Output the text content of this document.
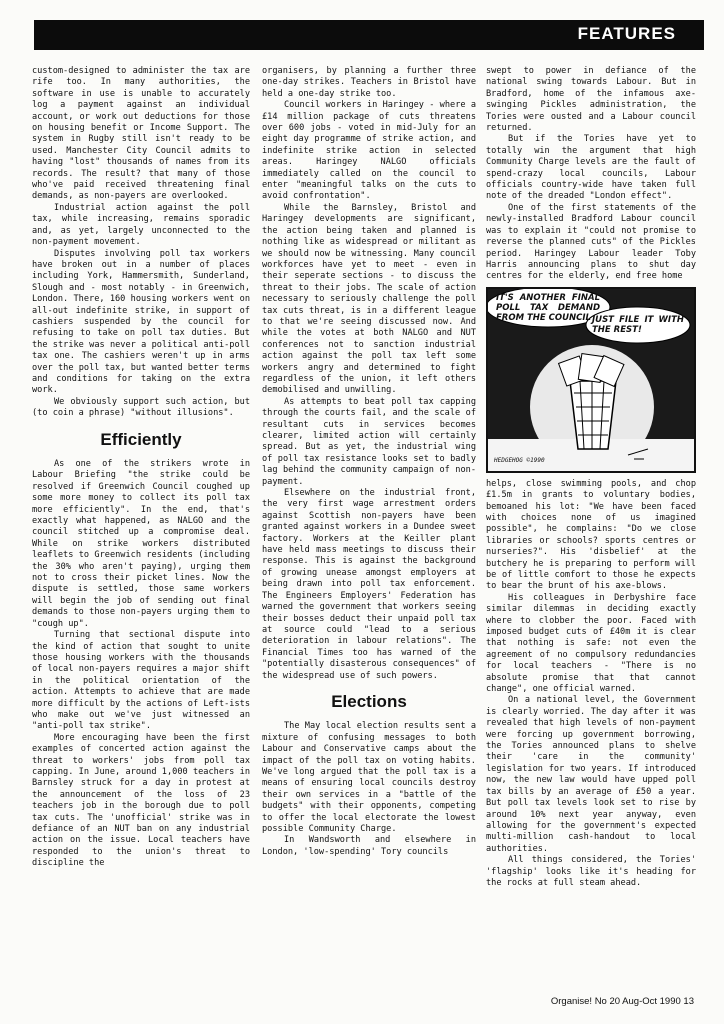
FEATURES

custom-designed to administer the tax are rife too. In many authorities, the software in use is unable to accurately log a payment against an individual account, or work out deductions for those on housing benefit or Income Support. The system in Rugby still isn't ready to be used. Manchester City Council admits to having "lost" thousands of names from its records. The result? that many of those who've paid received threatening final demands, as non-payers are overlooked.

Industrial action against the poll tax, while increasing, remains sporadic and, as yet, largely unconnected to the non-payment movement.

Disputes involving poll tax workers have broken out in a number of places including York, Hammersmith, Sunderland, Slough and - most notably - in Greenwich, London. There, 160 housing workers went on all-out indefinite strike, in support of cashiers suspended by the council for refusing to take on poll tax duties. But the strike was never a political anti-poll tax one. The cashiers weren't up in arms over the poll tax, but wanted better terms and conditions for taking on the extra work.

We obviously support such action, but (to coin a phrase) "without illusions".

Efficiently

As one of the strikers wrote in Labour Briefing "the strike could be resolved if Greenwich Council coughed up some more money to collect its poll tax more efficiently". In the end, that's exactly what happened, as NALGO and the council stitched up a compromise deal. While on strike workers distributed leaflets to Greenwich residents (including the 30% who aren't paying), urging them not to cross their picket lines. Now the dispute is settled, those same workers will begin the job of sending out final demands to those non-payers urging them to "cough up".

Turning that sectional dispute into the kind of action that sought to unite those housing workers with the thousands of local non-payers requires a major shift in the political orientation of the action. Attempts to achieve that are made more difficult by the actions of Left-ists who make out we've just witnessed an "anti-poll tax strike".

More encouraging have been the first examples of concerted action against the threat to workers' jobs from poll tax capping. In June, around 1,000 teachers in Barnsley struck for a day in protest at the announcement of the loss of 23 teachers job in the borough due to poll tax cuts. The 'unofficial' strike was in defiance of an NUT ban on any industrial action on the issue. Local teachers have responded to the union's threat to discipline the

organisers, by planning a further three one-day strikes. Teachers in Bristol have held a one-day strike too.

Council workers in Haringey - where a £14 million package of cuts threatens over 600 jobs - voted in mid-July for an eight day programme of strike action, and indefinite strike action in selected areas. Haringey NALGO officials immediately called on the council to enter "meaningful talks on the cuts to avoid confrontation".

While the Barnsley, Bristol and Haringey developments are significant, the action being taken and planned is nothing like as widespread or militant as we should now be witnessing. Many council workforces have yet to meet - even in their seperate sections - to discuss the threat to their jobs. The scale of action necessary to seriously challenge the poll tax cuts threat, is in a different league to that we're seeing discussed now. And while the votes at both NALGO and NUT conferences not to sanction industrial action against the poll tax left some workers angry and determined to fight regardless of the union, it left others demobilised and unwilling.

As attempts to beat poll tax capping through the courts fail, and the scale of resultant cuts in services becomes clearer, limited action will certainly spread. But as yet, the industrial wing of poll tax resistance looks set to badly lag behind the community campaign of non-payment.

Elsewhere on the industrial front, the very first wage arrestment orders against Scottish non-payers have been granted against workers in a Dundee sweet factory. Workers at the Keiller plant have held mass meetings to discuss their response. This is against the background of growing unease amongst employers at being drawn into poll tax enforcement. The Engineers Employers' Federation has warned the government that workers seeing their bosses deduct their unpaid poll tax at source could "lead to a serious deterioration in labour relations". The Financial Times too has warned of the "potentially disasterous consequences" of the widespread use of such powers.

Elections

The May local election results sent a mixture of confusing messages to both Labour and Conservative camps about the impact of the poll tax on voting habits. We've long argued that the poll tax is a means of ensuring local councils destroy their own services in a "battle of the budgets" with their opponents, competing to offer the local electorate the lowest possible Community Charge.

In Wandsworth and elsewhere in London, 'low-spending' Tory councils

swept to power in defiance of the national swing towards Labour. But in Bradford, home of the infamous axe-swinging Pickles administration, the Tories were ousted and a Labour council returned.

But if the Tories have yet to totally win the argument that high Community Charge levels are the fault of spend-crazy local councils, Labour officials country-wide have taken full note of the dreaded "London effect".

One of the first statements of the newly-installed Bradford Labour council was to explain it "could not promise to reverse the planned cuts" of the Pickles period. Haringey Labour leader Toby Harris announcing plans to shut day centres for the elderly, end free home

IT'S ANOTHER FINAL POLL TAX DEMAND FROM THE COUNCIL JUST FILE IT WITH THE REST!
HEDGEHOG ©1990

helps, close swimming pools, and chop £1.5m in grants to voluntary bodies, bemoaned his lot: "We have been faced with choices none of us imagined possible", he complains: "Do we close libraries or schools? sports centres or nurseries?". His 'disbelief' at the butchery he is preparing to perform will be of little comfort to those he expects to bear the brunt of his axe-blows.

His colleagues in Derbyshire face similar dilemmas in deciding exactly where to clobber the poor. Faced with imposed budget cuts of £40m it is clear that nothing is safe: not even the agreement of no compulsory redundancies for local teachers - "There is no absolute promise that that cannot change", one official warned.

On a national level, the Government is clearly worried. The day after it was revealed that high levels of non-payment were forcing up government borrowing, the Tories announced plans to shelve their 'care in the community' legislation for two years. If introduced now, the new law would have upped poll tax bills by an average of £50 a year. But poll tax levels look set to rise by around 10% next year anyway, even allowing for the government's expected multi-million cash-handout to local authorities.

All things considered, the Tories' 'flagship' looks like it's heading for the rocks at full steam ahead.

Organise! No 20 Aug-Oct 1990 13
